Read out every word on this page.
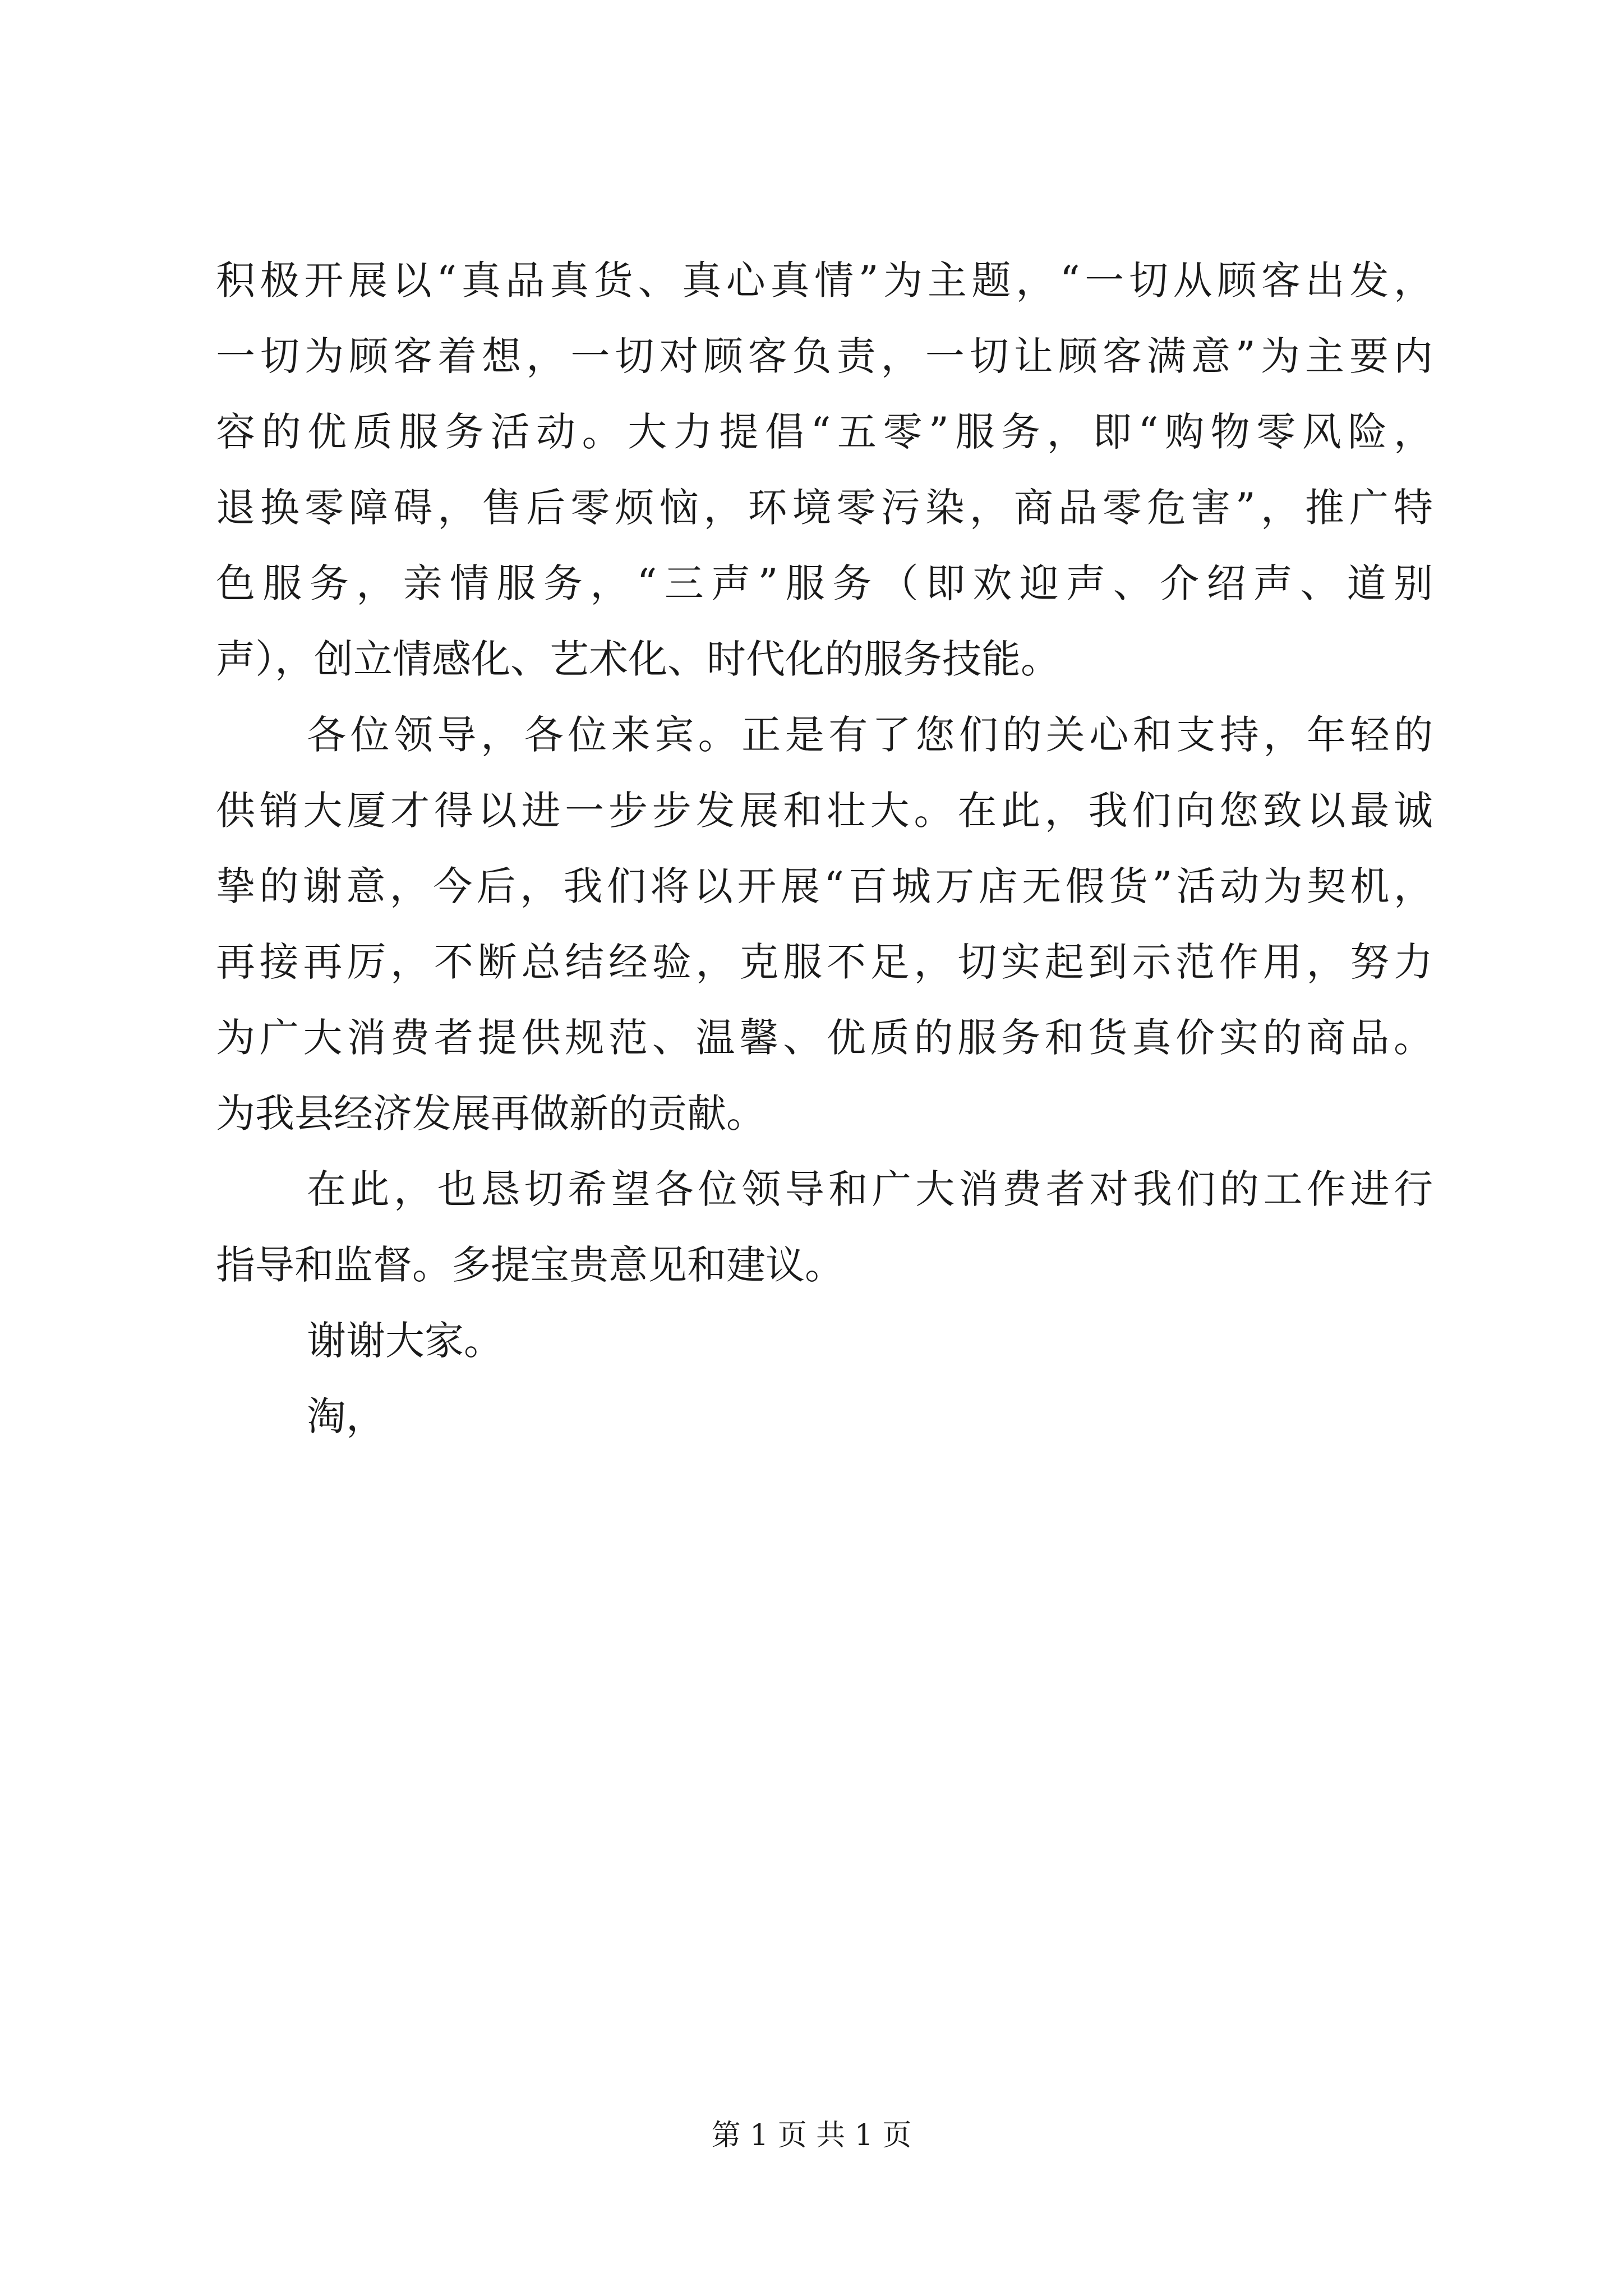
积极开展以“真品真货、真心真情”为主题，“一切从顾客出发，
一切为顾客着想，一切对顾客负责，一切让顾客满意”为主要内
容的优质服务活动。大力提倡“五零”服务，即“购物零风险，
退换零障碍，售后零烦恼，环境零污染，商品零危害”，推广特
色服务，亲情服务，“三声”服务（即欢迎声、介绍声、道别
声），创立情感化、艺术化、时代化的服务技能。
各位领导，各位来宾。正是有了您们的关心和支持，年轻的
供销大厦才得以进一步步发展和壮大。在此，我们向您致以最诚
挚的谢意，今后，我们将以开展“百城万店无假货”活动为契机，
再接再厉，不断总结经验，克服不足，切实起到示范作用，努力
为广大消费者提供规范、温馨、优质的服务和货真价实的商品。
为我县经济发展再做新的贡献。
在此，也恳切希望各位领导和广大消费者对我们的工作进行
指导和监督。多提宝贵意见和建议。
谢谢大家。
淘，
第 1 页 共 1 页
